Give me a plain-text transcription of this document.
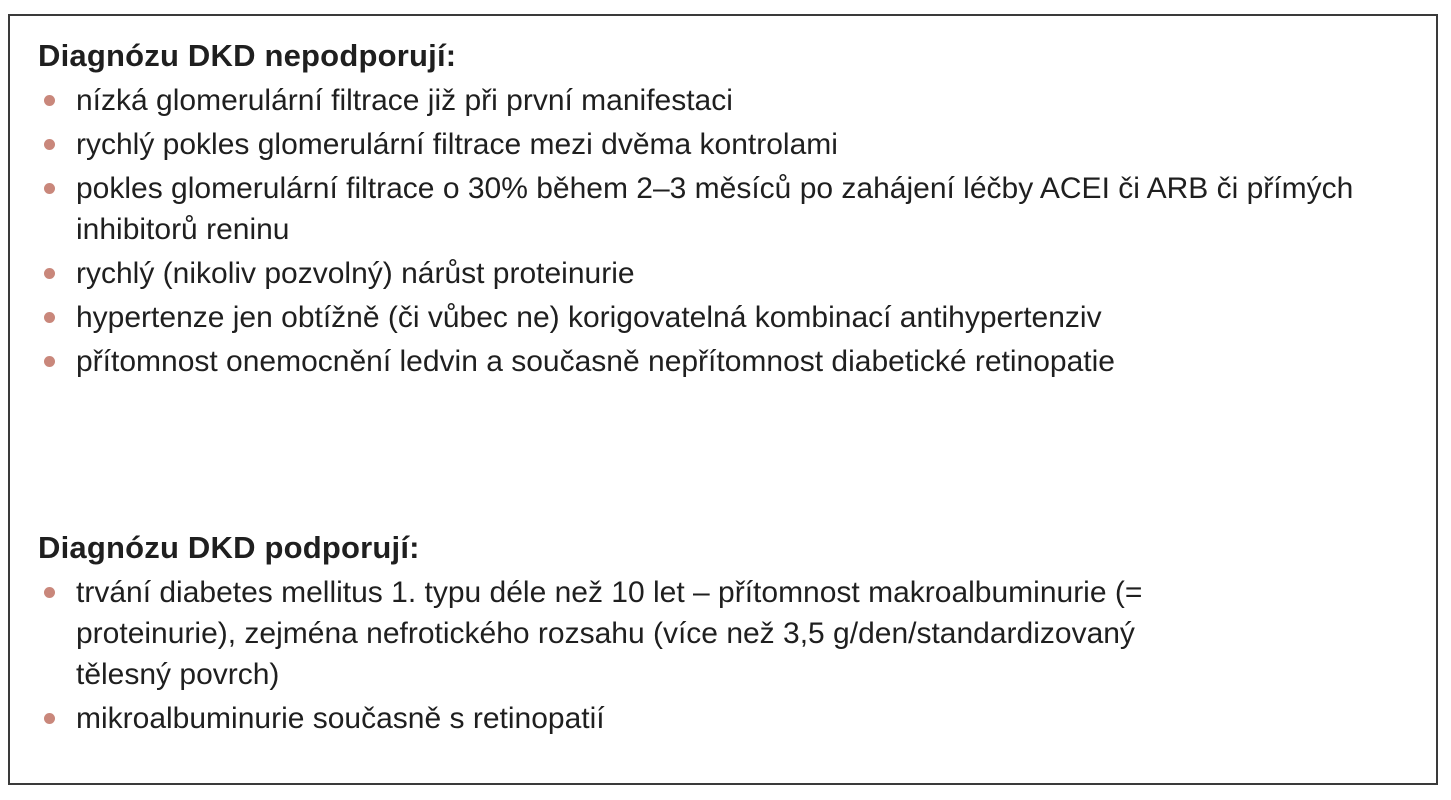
Diagnózu DKD nepodporují:
nízká glomerulární filtrace již při první manifestaci
rychlý pokles glomerulární filtrace mezi dvěma kontrolami
pokles glomerulární filtrace o 30% během 2–3 měsíců po zahájení léčby ACEI či ARB či přímých inhibitorů reninu
rychlý (nikoliv pozvolný) nárůst proteinurie
hypertenze jen obtížně (či vůbec ne) korigovatelná kombinací antihypertenziv
přítomnost onemocnění ledvin a současně nepřítomnost diabetické retinopatie
Diagnózu DKD podporují:
trvání diabetes mellitus 1. typu déle než 10 let – přítomnost makroalbuminurie (= proteinurie), zejména nefrotického rozsahu (více než 3,5 g/den/standardizovaný tělesný povrch)
mikroalbuminurie současně s retinopatií
